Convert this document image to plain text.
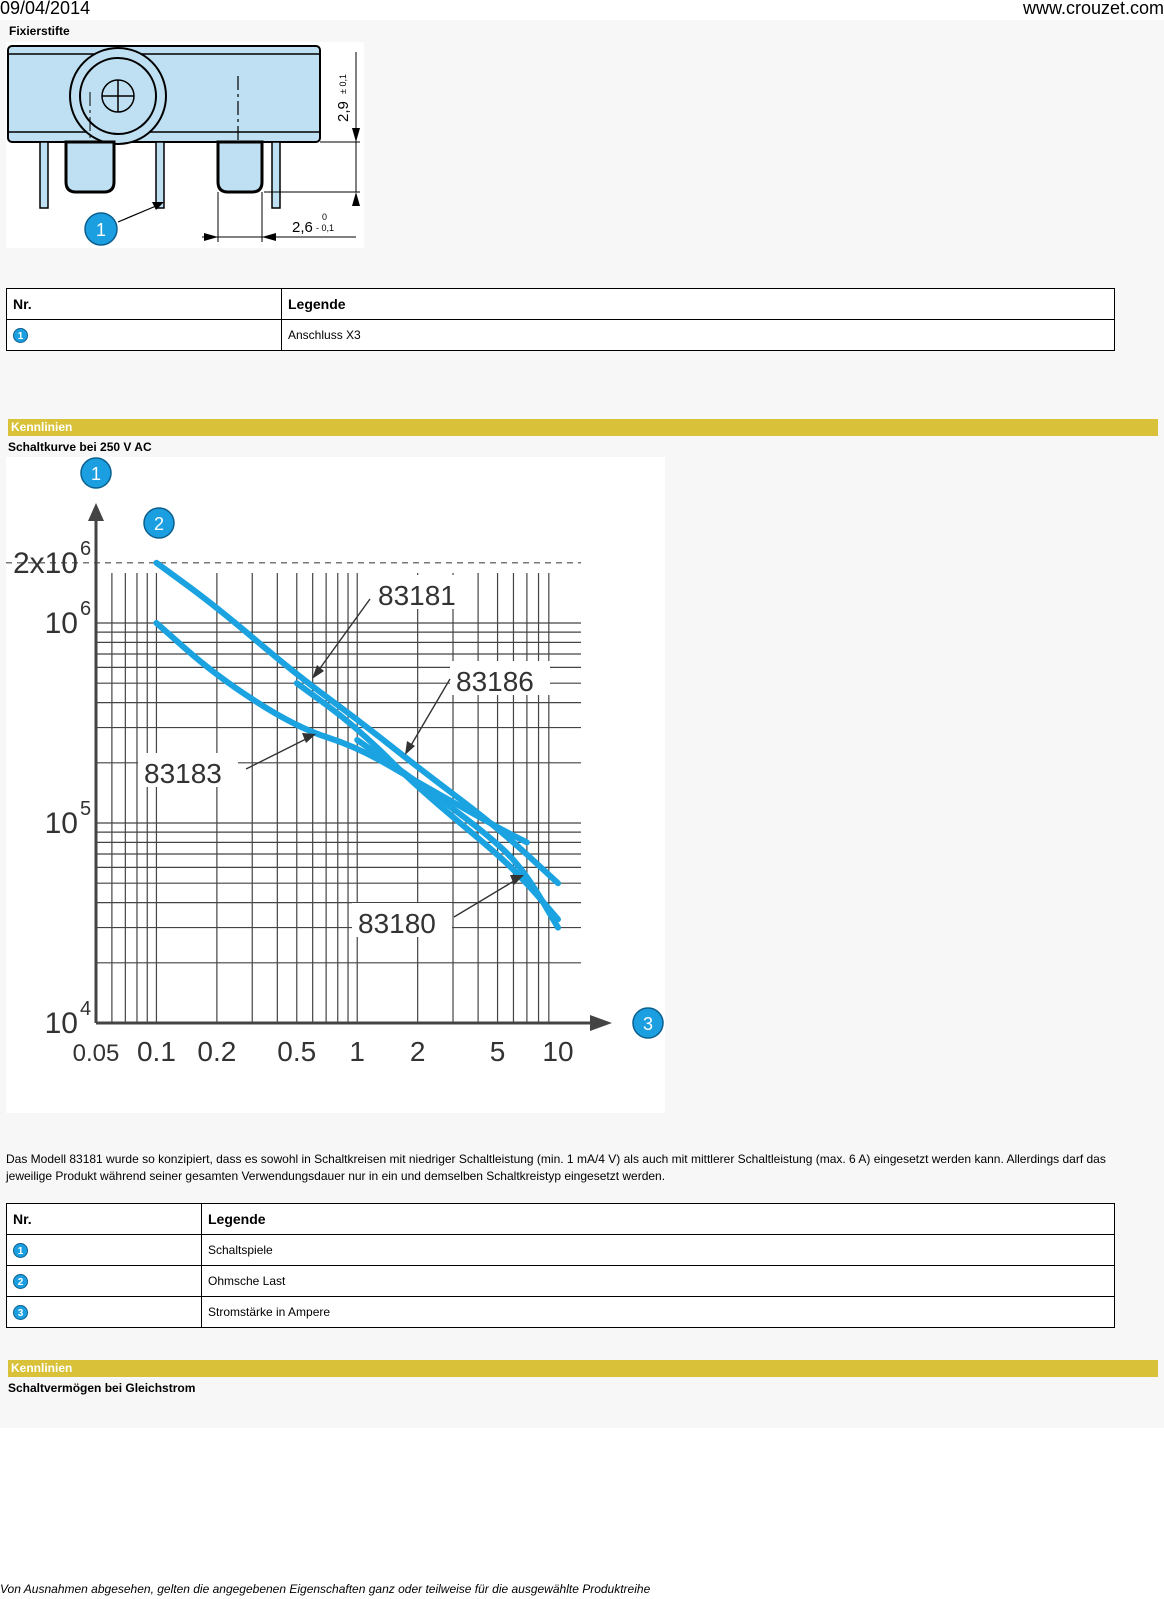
09/04/2014	www.crouzet.com
Fixierstifte
2,9
± 0,1
2,6
0
- 0,1
1
Nr.	Legende
1	Anschluss X3
Kennlinien
Schaltkurve bei 250 V AC
0.05 0.1 0.2 0.5 1 2 5 10
10 4
10 5
10 6
2x10 6
1
2
3
83181
83186
83183
83180
Das Modell 83181 wurde so konzipiert, dass es sowohl in Schaltkreisen mit niedriger Schaltleistung (min. 1 mA/4 V) als auch mit mittlerer Schaltleistung (max. 6 A) eingesetzt werden kann. Allerdings darf das jeweilige Produkt während seiner gesamten Verwendungsdauer nur in ein und demselben Schaltkreistyp eingesetzt werden.
Nr.	Legende
1	Schaltspiele
2	Ohmsche Last
3	Stromstärke in Ampere
Kennlinien
Schaltvermögen bei Gleichstrom
Von Ausnahmen abgesehen, gelten die angegebenen Eigenschaften ganz oder teilweise für die ausgewählte Produktreihe
